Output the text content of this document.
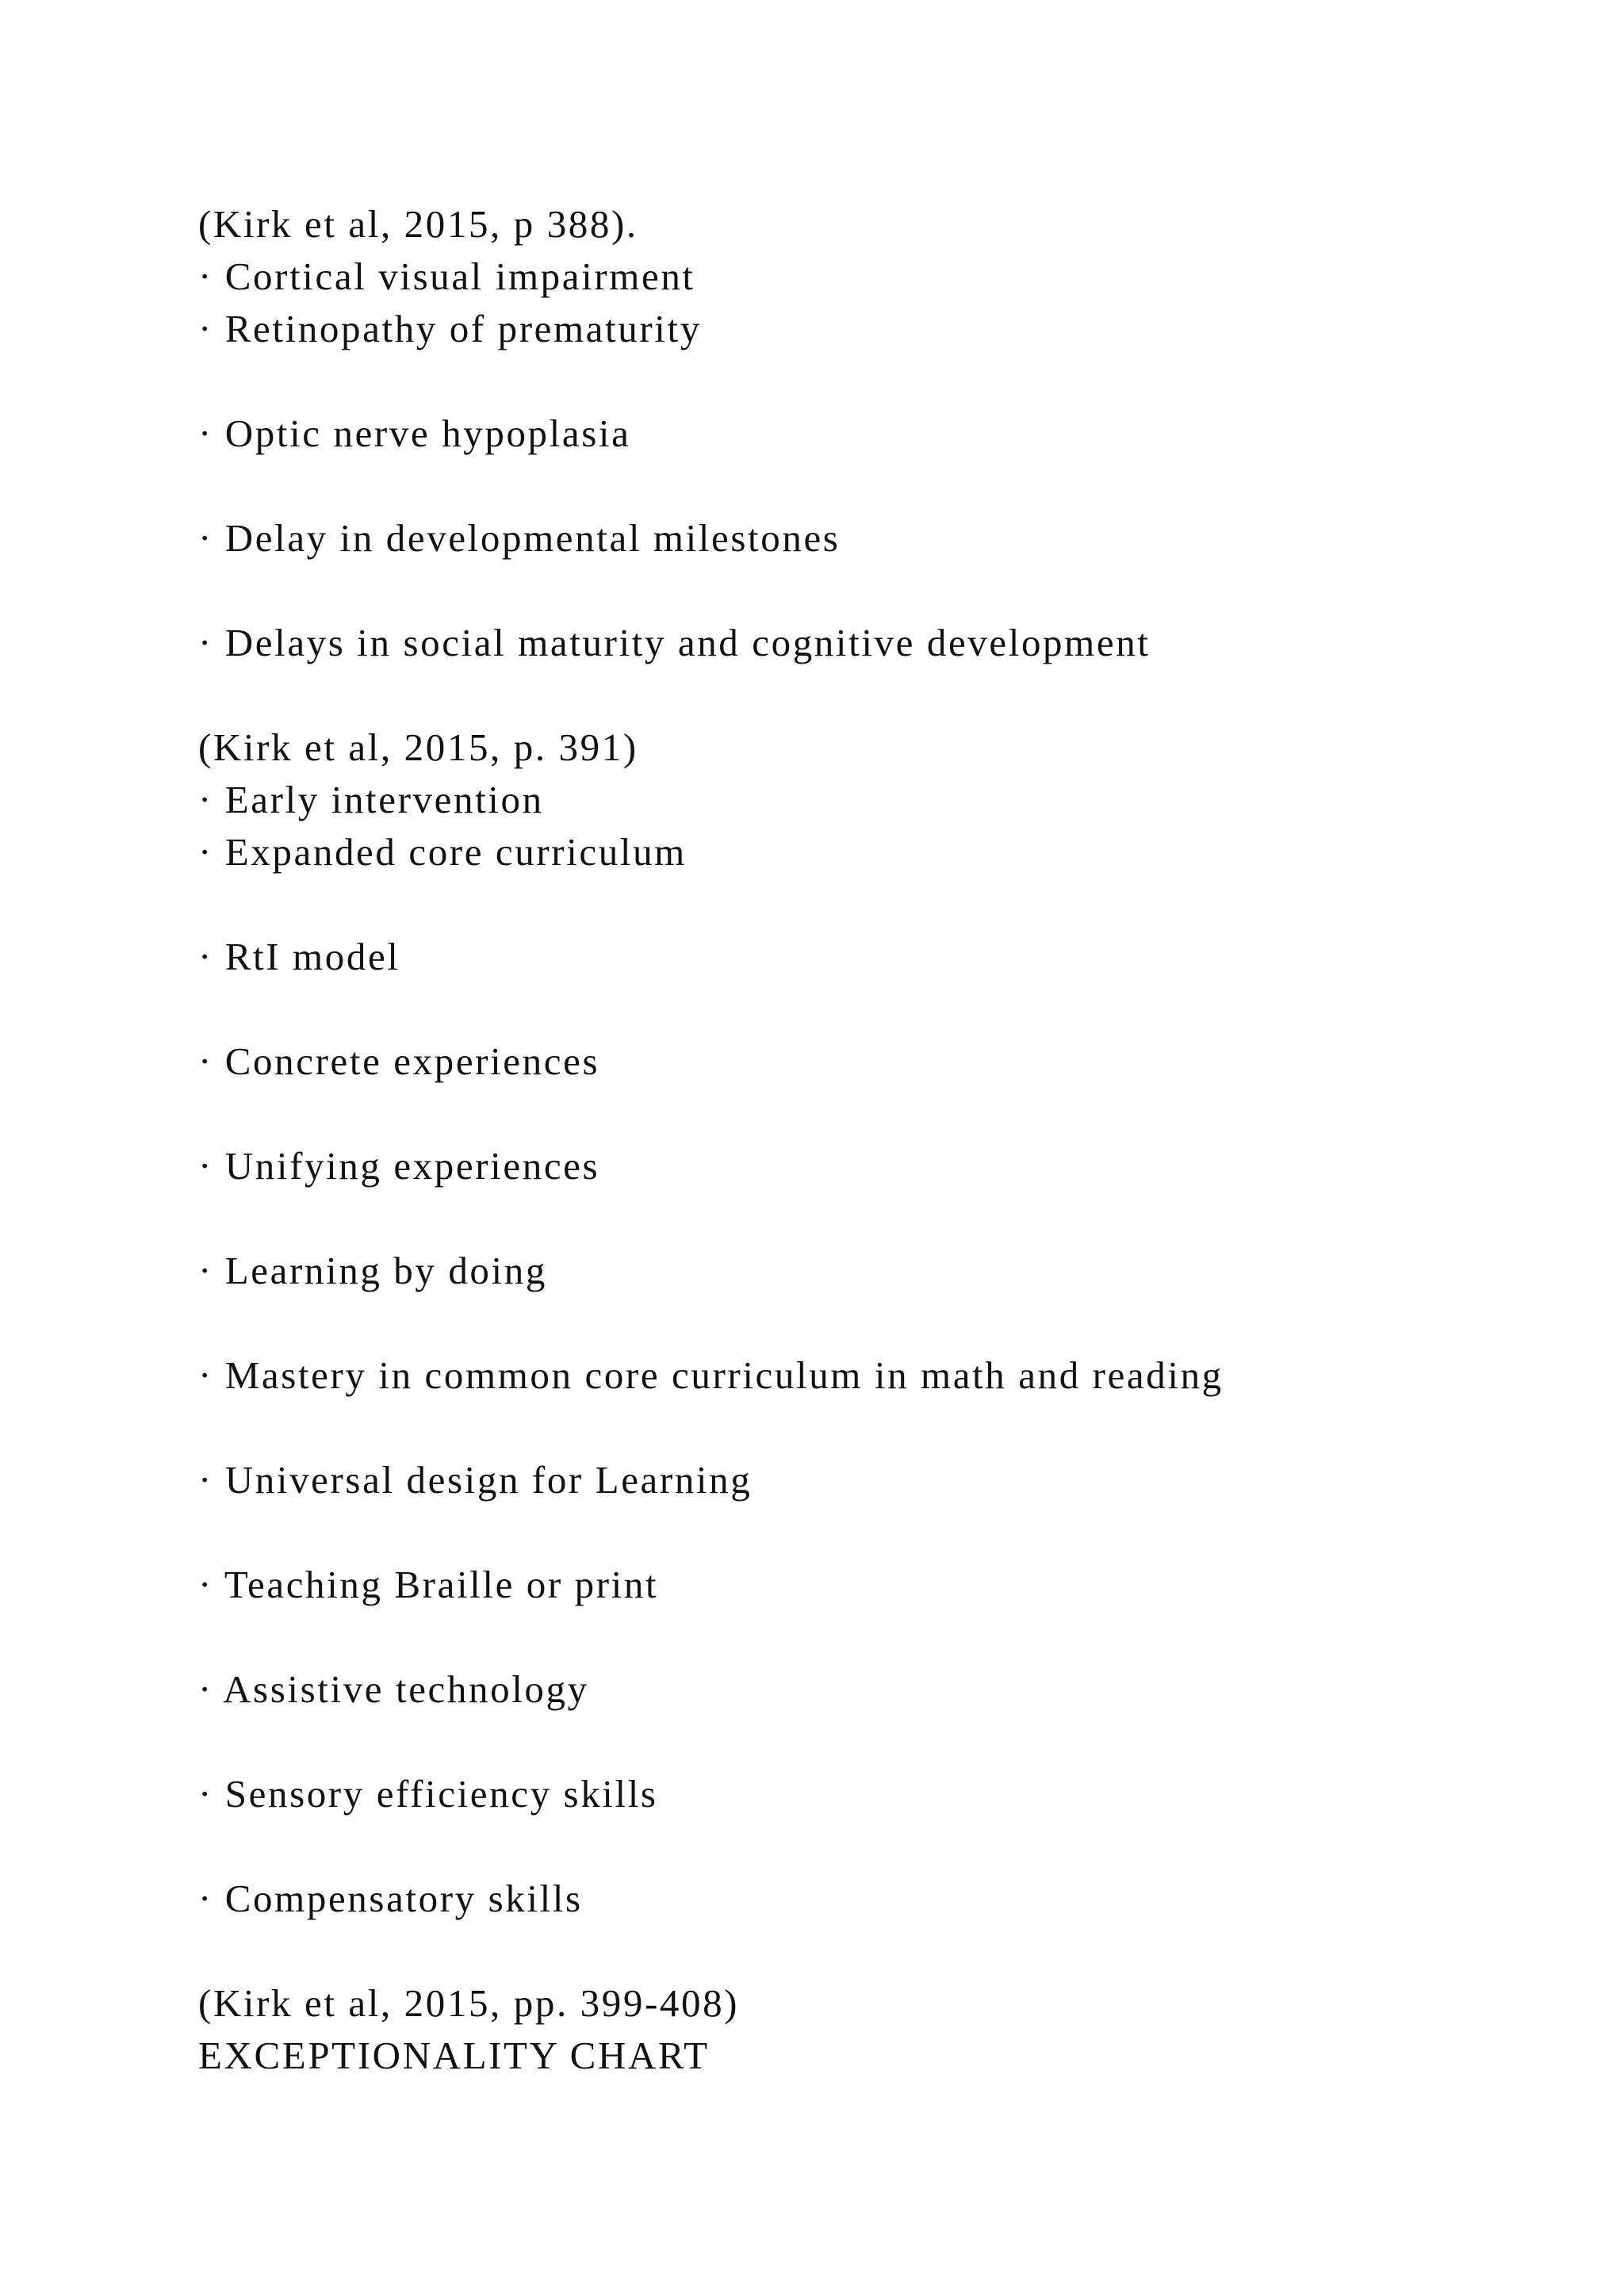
(Kirk et al, 2015, p 388).
· Cortical visual impairment
· Retinopathy of prematurity
· Optic nerve hypoplasia
· Delay in developmental milestones
· Delays in social maturity and cognitive development
(Kirk et al, 2015, p. 391)
· Early intervention
· Expanded core curriculum
· RtI model
· Concrete experiences
· Unifying experiences
· Learning by doing
· Mastery in common core curriculum in math and reading
· Universal design for Learning
· Teaching Braille or print
· Assistive technology
· Sensory efficiency skills
· Compensatory skills
(Kirk et al, 2015, pp. 399-408)
EXCEPTIONALITY CHART
